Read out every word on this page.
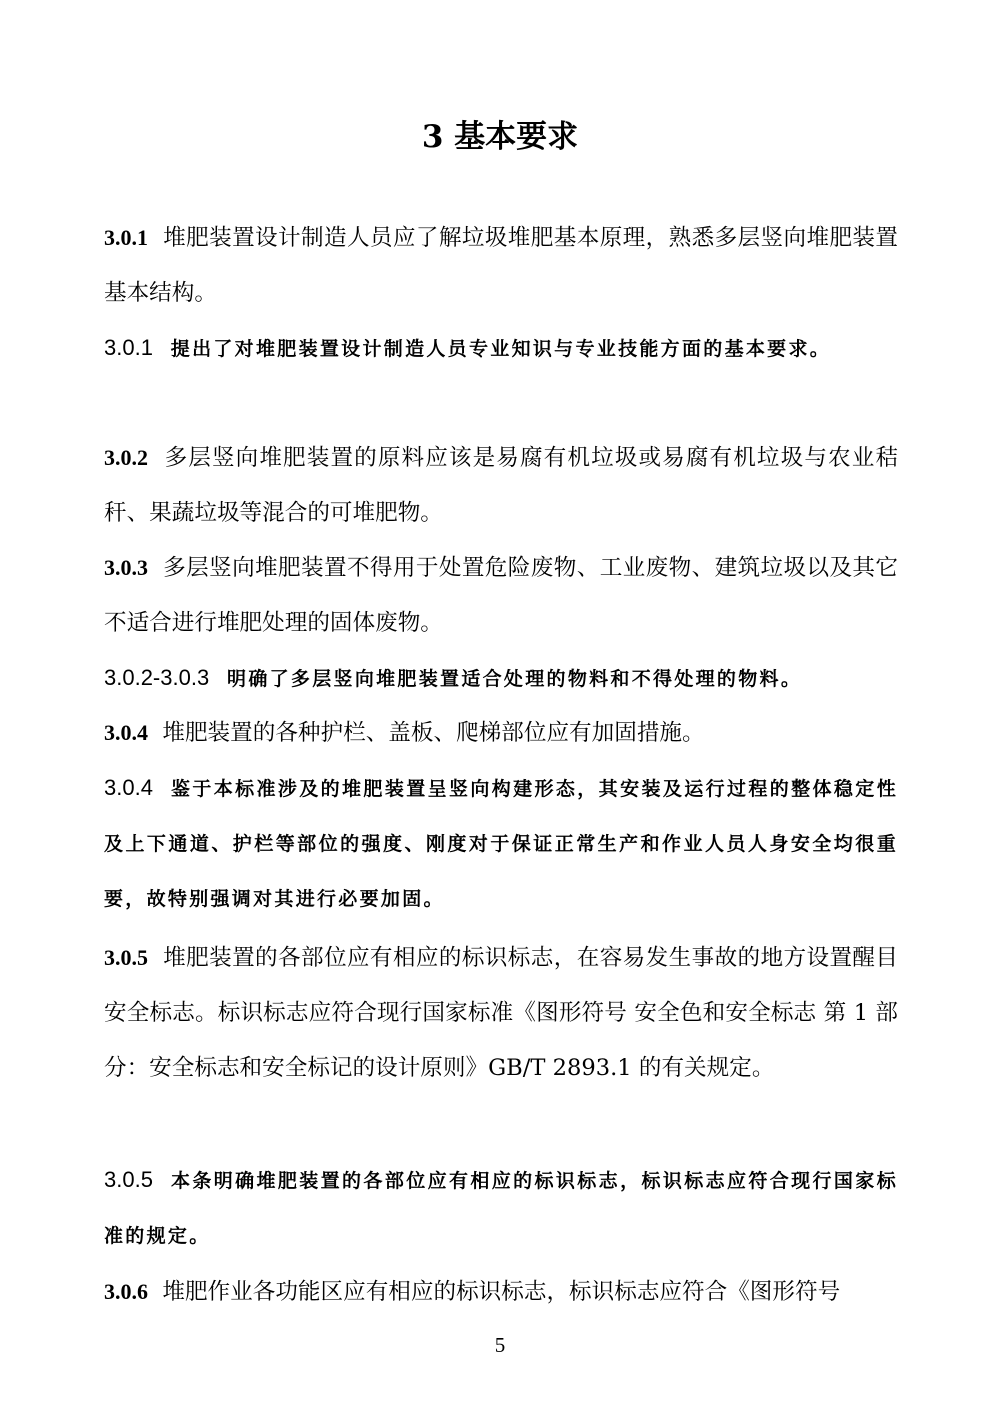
3 基本要求

3.0.1 堆肥装置设计制造人员应了解垃圾堆肥基本原理，熟悉多层竖向堆肥装置基本结构。

3.0.1 提出了对堆肥装置设计制造人员专业知识与专业技能方面的基本要求。

3.0.2 多层竖向堆肥装置的原料应该是易腐有机垃圾或易腐有机垃圾与农业秸秆、果蔬垃圾等混合的可堆肥物。

3.0.3 多层竖向堆肥装置不得用于处置危险废物、工业废物、建筑垃圾以及其它不适合进行堆肥处理的固体废物。

3.0.2-3.0.3 明确了多层竖向堆肥装置适合处理的物料和不得处理的物料。

3.0.4 堆肥装置的各种护栏、盖板、爬梯部位应有加固措施。

3.0.4 鉴于本标准涉及的堆肥装置呈竖向构建形态，其安装及运行过程的整体稳定性及上下通道、护栏等部位的强度、刚度对于保证正常生产和作业人员人身安全均很重要，故特别强调对其进行必要加固。

3.0.5 堆肥装置的各部位应有相应的标识标志，在容易发生事故的地方设置醒目安全标志。标识标志应符合现行国家标准《图形符号 安全色和安全标志 第 1 部分：安全标志和安全标记的设计原则》GB/T 2893.1 的有关规定。

3.0.5 本条明确堆肥装置的各部位应有相应的标识标志，标识标志应符合现行国家标准的规定。

3.0.6 堆肥作业各功能区应有相应的标识标志，标识标志应符合《图形符号

5
